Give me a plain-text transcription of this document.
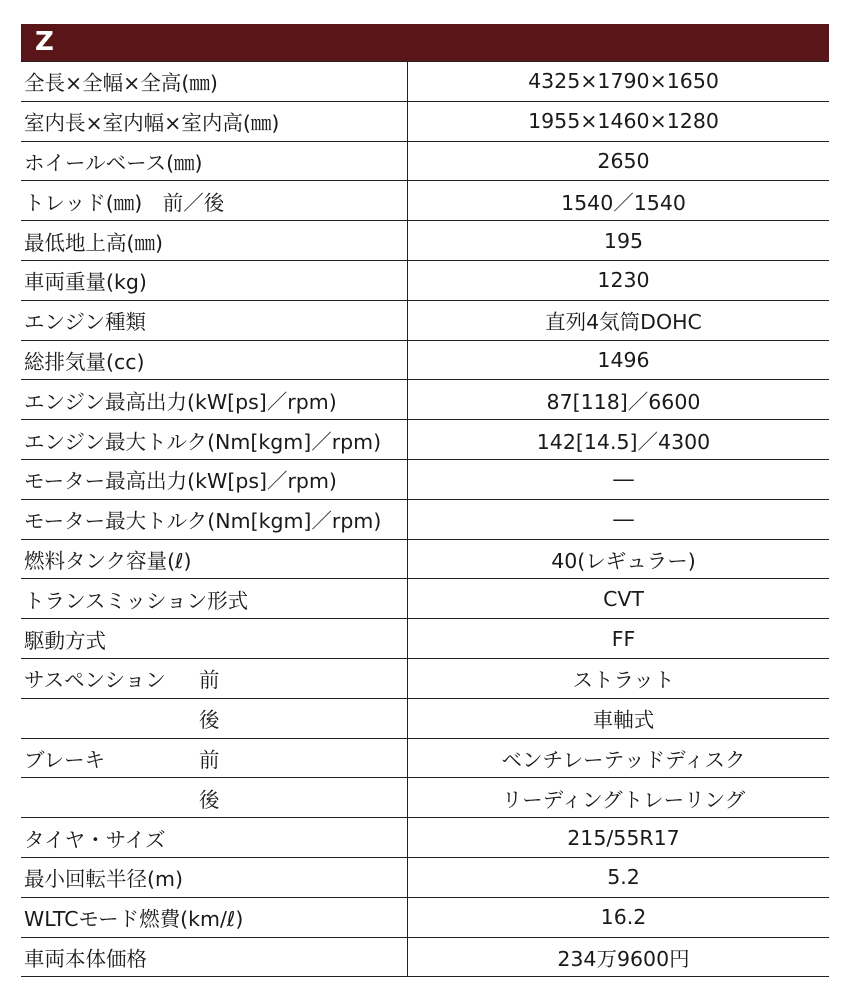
Z
全長×全幅×全高(㎜)	4325×1790×1650
室内長×室内幅×室内高(㎜)	1955×1460×1280
ホイールベース(㎜)	2650
トレッド(㎜)　前／後	1540／1540
最低地上高(㎜)	195
車両重量(kg)	1230
エンジン種類	直列4気筒DOHC
総排気量(cc)	1496
エンジン最高出力(kW[ps]／rpm)	87[118]／6600
エンジン最大トルク(Nm[kgm]／rpm)	142[14.5]／4300
モーター最高出力(kW[ps]／rpm)	―
モーター最大トルク(Nm[kgm]／rpm)	―
燃料タンク容量(ℓ)	40(レギュラー)
トランスミッション形式	CVT
駆動方式	FF
サスペンション 前	ストラット
後	車軸式
ブレーキ	前	ベンチレーテッドディスク
後	リーディングトレーリング
タイヤ・サイズ	215/55R17
最小回転半径(m)	5.2
WLTCモード燃費(km/ℓ)	16.2
車両本体価格	234万9600円
